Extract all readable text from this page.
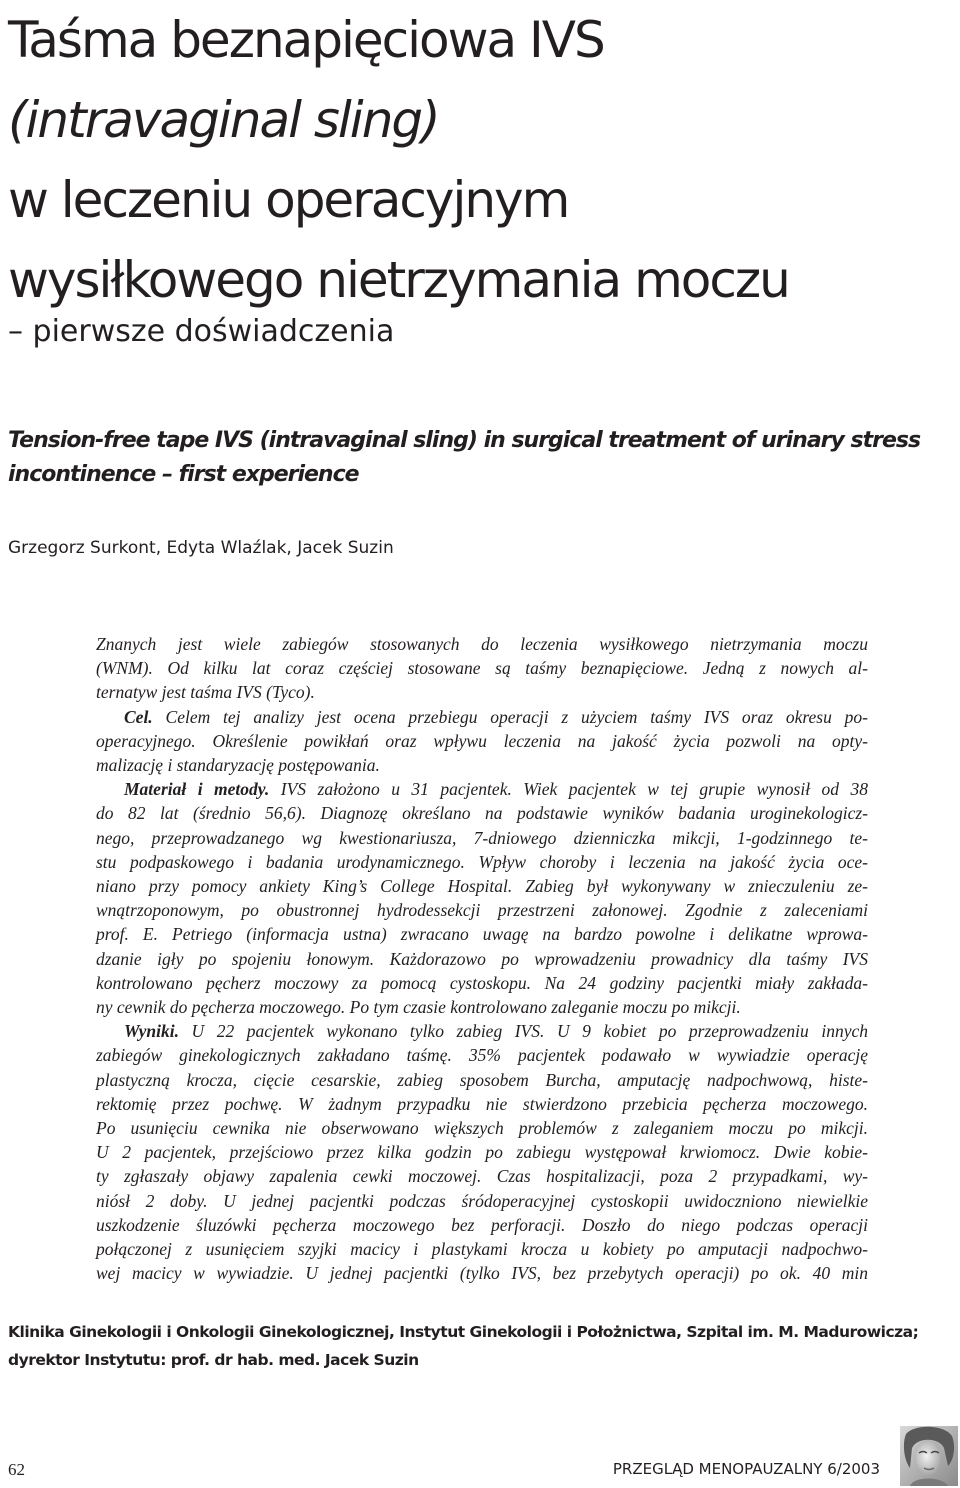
Taśma beznapięciowa IVS
(intravaginal sling)
w leczeniu operacyjnym
wysiłkowego nietrzymania moczu
– pierwsze doświadczenia
Tension-free tape IVS (intravaginal sling) in surgical treatment of urinary stress
incontinence – first experience
Grzegorz Surkont, Edyta Wlaźlak, Jacek Suzin
Znanych jest wiele zabiegów stosowanych do leczenia wysiłkowego nietrzymania moczu
(WNM). Od kilku lat coraz częściej stosowane są taśmy beznapięciowe. Jedną z nowych al-
ternatyw jest taśma IVS (Tyco).
Cel. Celem tej analizy jest ocena przebiegu operacji z użyciem taśmy IVS oraz okresu po-
operacyjnego. Określenie powikłań oraz wpływu leczenia na jakość życia pozwoli na opty-
malizację i standaryzację postępowania.
Materiał i metody. IVS założono u 31 pacjentek. Wiek pacjentek w tej grupie wynosił od 38
do 82 lat (średnio 56,6). Diagnozę określano na podstawie wyników badania uroginekologicz-
nego, przeprowadzanego wg kwestionariusza, 7-dniowego dzienniczka mikcji, 1-godzinnego te-
stu podpaskowego i badania urodynamicznego. Wpływ choroby i leczenia na jakość życia oce-
niano przy pomocy ankiety King’s College Hospital. Zabieg był wykonywany w znieczuleniu ze-
wnątrzoponowym, po obustronnej hydrodessekcji przestrzeni załonowej. Zgodnie z zaleceniami
prof. E. Petriego (informacja ustna) zwracano uwagę na bardzo powolne i delikatne wprowa-
dzanie igły po spojeniu łonowym. Każdorazowo po wprowadzeniu prowadnicy dla taśmy IVS
kontrolowano pęcherz moczowy za pomocą cystoskopu. Na 24 godziny pacjentki miały zakłada-
ny cewnik do pęcherza moczowego. Po tym czasie kontrolowano zaleganie moczu po mikcji.
Wyniki. U 22 pacjentek wykonano tylko zabieg IVS. U 9 kobiet po przeprowadzeniu innych
zabiegów ginekologicznych zakładano taśmę. 35% pacjentek podawało w wywiadzie operację
plastyczną krocza, cięcie cesarskie, zabieg sposobem Burcha, amputację nadpochwową, histe-
rektomię przez pochwę. W żadnym przypadku nie stwierdzono przebicia pęcherza moczowego.
Po usunięciu cewnika nie obserwowano większych problemów z zaleganiem moczu po mikcji.
U 2 pacjentek, przejściowo przez kilka godzin po zabiegu występował krwiomocz. Dwie kobie-
ty zgłaszały objawy zapalenia cewki moczowej. Czas hospitalizacji, poza 2 przypadkami, wy-
niósł 2 doby. U jednej pacjentki podczas śródoperacyjnej cystoskopii uwidoczniono niewielkie
uszkodzenie śluzówki pęcherza moczowego bez perforacji. Doszło do niego podczas operacji
połączonej z usunięciem szyjki macicy i plastykami krocza u kobiety po amputacji nadpochwo-
wej macicy w wywiadzie. U jednej pacjentki (tylko IVS, bez przebytych operacji) po ok. 40 min
Klinika Ginekologii i Onkologii Ginekologicznej, Instytut Ginekologii i Położnictwa, Szpital im. M. Madurowicza;
dyrektor Instytutu: prof. dr hab. med. Jacek Suzin
62	PRZEGLĄD MENOPAUZALNY 6/2003
